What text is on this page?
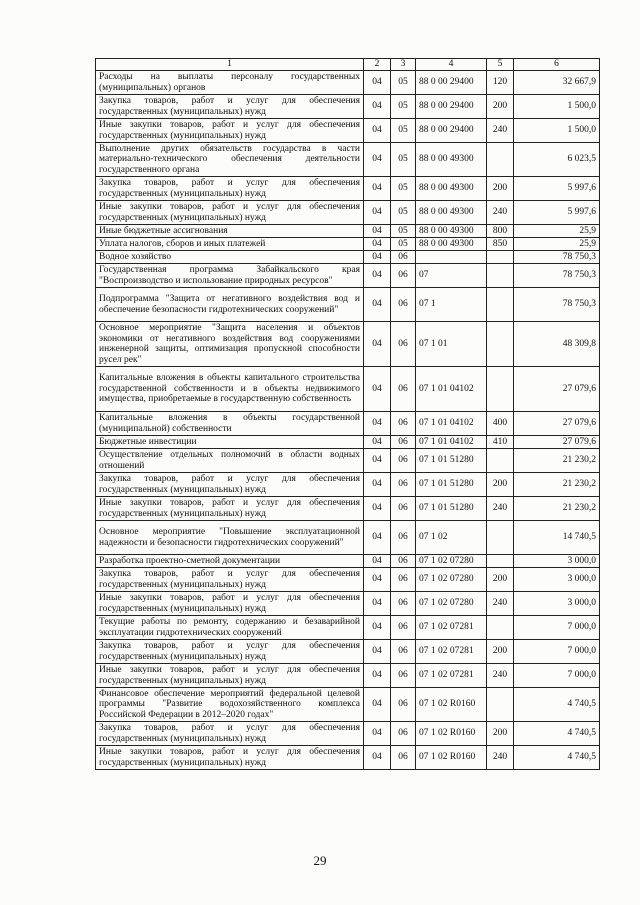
1	2	3	4	5	6
Расходы на выплаты персоналу государственных (муниципальных) органов	04	05	88 0 00 29400	120	32 667,9
Закупка товаров, работ и услуг для обеспечения государственных (муниципальных) нужд	04	05	88 0 00 29400	200	1 500,0
Иные закупки товаров, работ и услуг для обеспечения государственных (муниципальных) нужд	04	05	88 0 00 29400	240	1 500,0
Выполнение других обязательств государства в части материально-технического обеспечения деятельности государственного органа	04	05	88 0 00 49300		6 023,5
Закупка товаров, работ и услуг для обеспечения государственных (муниципальных) нужд	04	05	88 0 00 49300	200	5 997,6
Иные закупки товаров, работ и услуг для обеспечения государственных (муниципальных) нужд	04	05	88 0 00 49300	240	5 997,6
Иные бюджетные ассигнования	04	05	88 0 00 49300	800	25,9
Уплата налогов, сборов и иных платежей	04	05	88 0 00 49300	850	25,9
Водное хозяйство	04	06			78 750,3
Государственная программа Забайкальского края "Воспроизводство и использование природных ресурсов"	04	06	07		78 750,3
Подпрограмма "Защита от негативного воздействия вод и обеспечение безопасности гидротехнических сооружений"	04	06	07 1		78 750,3
Основное мероприятие "Защита населения и объектов экономики от негативного воздействия вод сооружениями инженерной защиты, оптимизация пропускной способности русел рек"	04	06	07 1 01		48 309,8
Капитальные вложения в объекты капитального строительства государственной собственности и в объекты недвижимого имущества, приобретаемые в государственную собственность	04	06	07 1 01 04102		27 079,6
Капитальные вложения в объекты государственной (муниципальной) собственности	04	06	07 1 01 04102	400	27 079,6
Бюджетные инвестиции	04	06	07 1 01 04102	410	27 079,6
Осуществление отдельных полномочий в области водных отношений	04	06	07 1 01 51280		21 230,2
Закупка товаров, работ и услуг для обеспечения государственных (муниципальных) нужд	04	06	07 1 01 51280	200	21 230,2
Иные закупки товаров, работ и услуг для обеспечения государственных (муниципальных) нужд	04	06	07 1 01 51280	240	21 230,2
Основное мероприятие "Повышение эксплуатационной надежности и безопасности гидротехнических сооружений"	04	06	07 1 02		14 740,5
Разработка проектно-сметной документации	04	06	07 1 02 07280		3 000,0
Закупка товаров, работ и услуг для обеспечения государственных (муниципальных) нужд	04	06	07 1 02 07280	200	3 000,0
Иные закупки товаров, работ и услуг для обеспечения государственных (муниципальных) нужд	04	06	07 1 02 07280	240	3 000,0
Текущие работы по ремонту, содержанию и безаварийной эксплуатации гидротехнических сооружений	04	06	07 1 02 07281		7 000,0
Закупка товаров, работ и услуг для обеспечения государственных (муниципальных) нужд	04	06	07 1 02 07281	200	7 000,0
Иные закупки товаров, работ и услуг для обеспечения государственных (муниципальных) нужд	04	06	07 1 02 07281	240	7 000,0
Финансовое обеспечение мероприятий федеральной целевой программы "Развитие водохозяйственного комплекса Российской Федерации в 2012–2020 годах"	04	06	07 1 02 R0160		4 740,5
Закупка товаров, работ и услуг для обеспечения государственных (муниципальных) нужд	04	06	07 1 02 R0160	200	4 740,5
Иные закупки товаров, работ и услуг для обеспечения государственных (муниципальных) нужд	04	06	07 1 02 R0160	240	4 740,5
29
